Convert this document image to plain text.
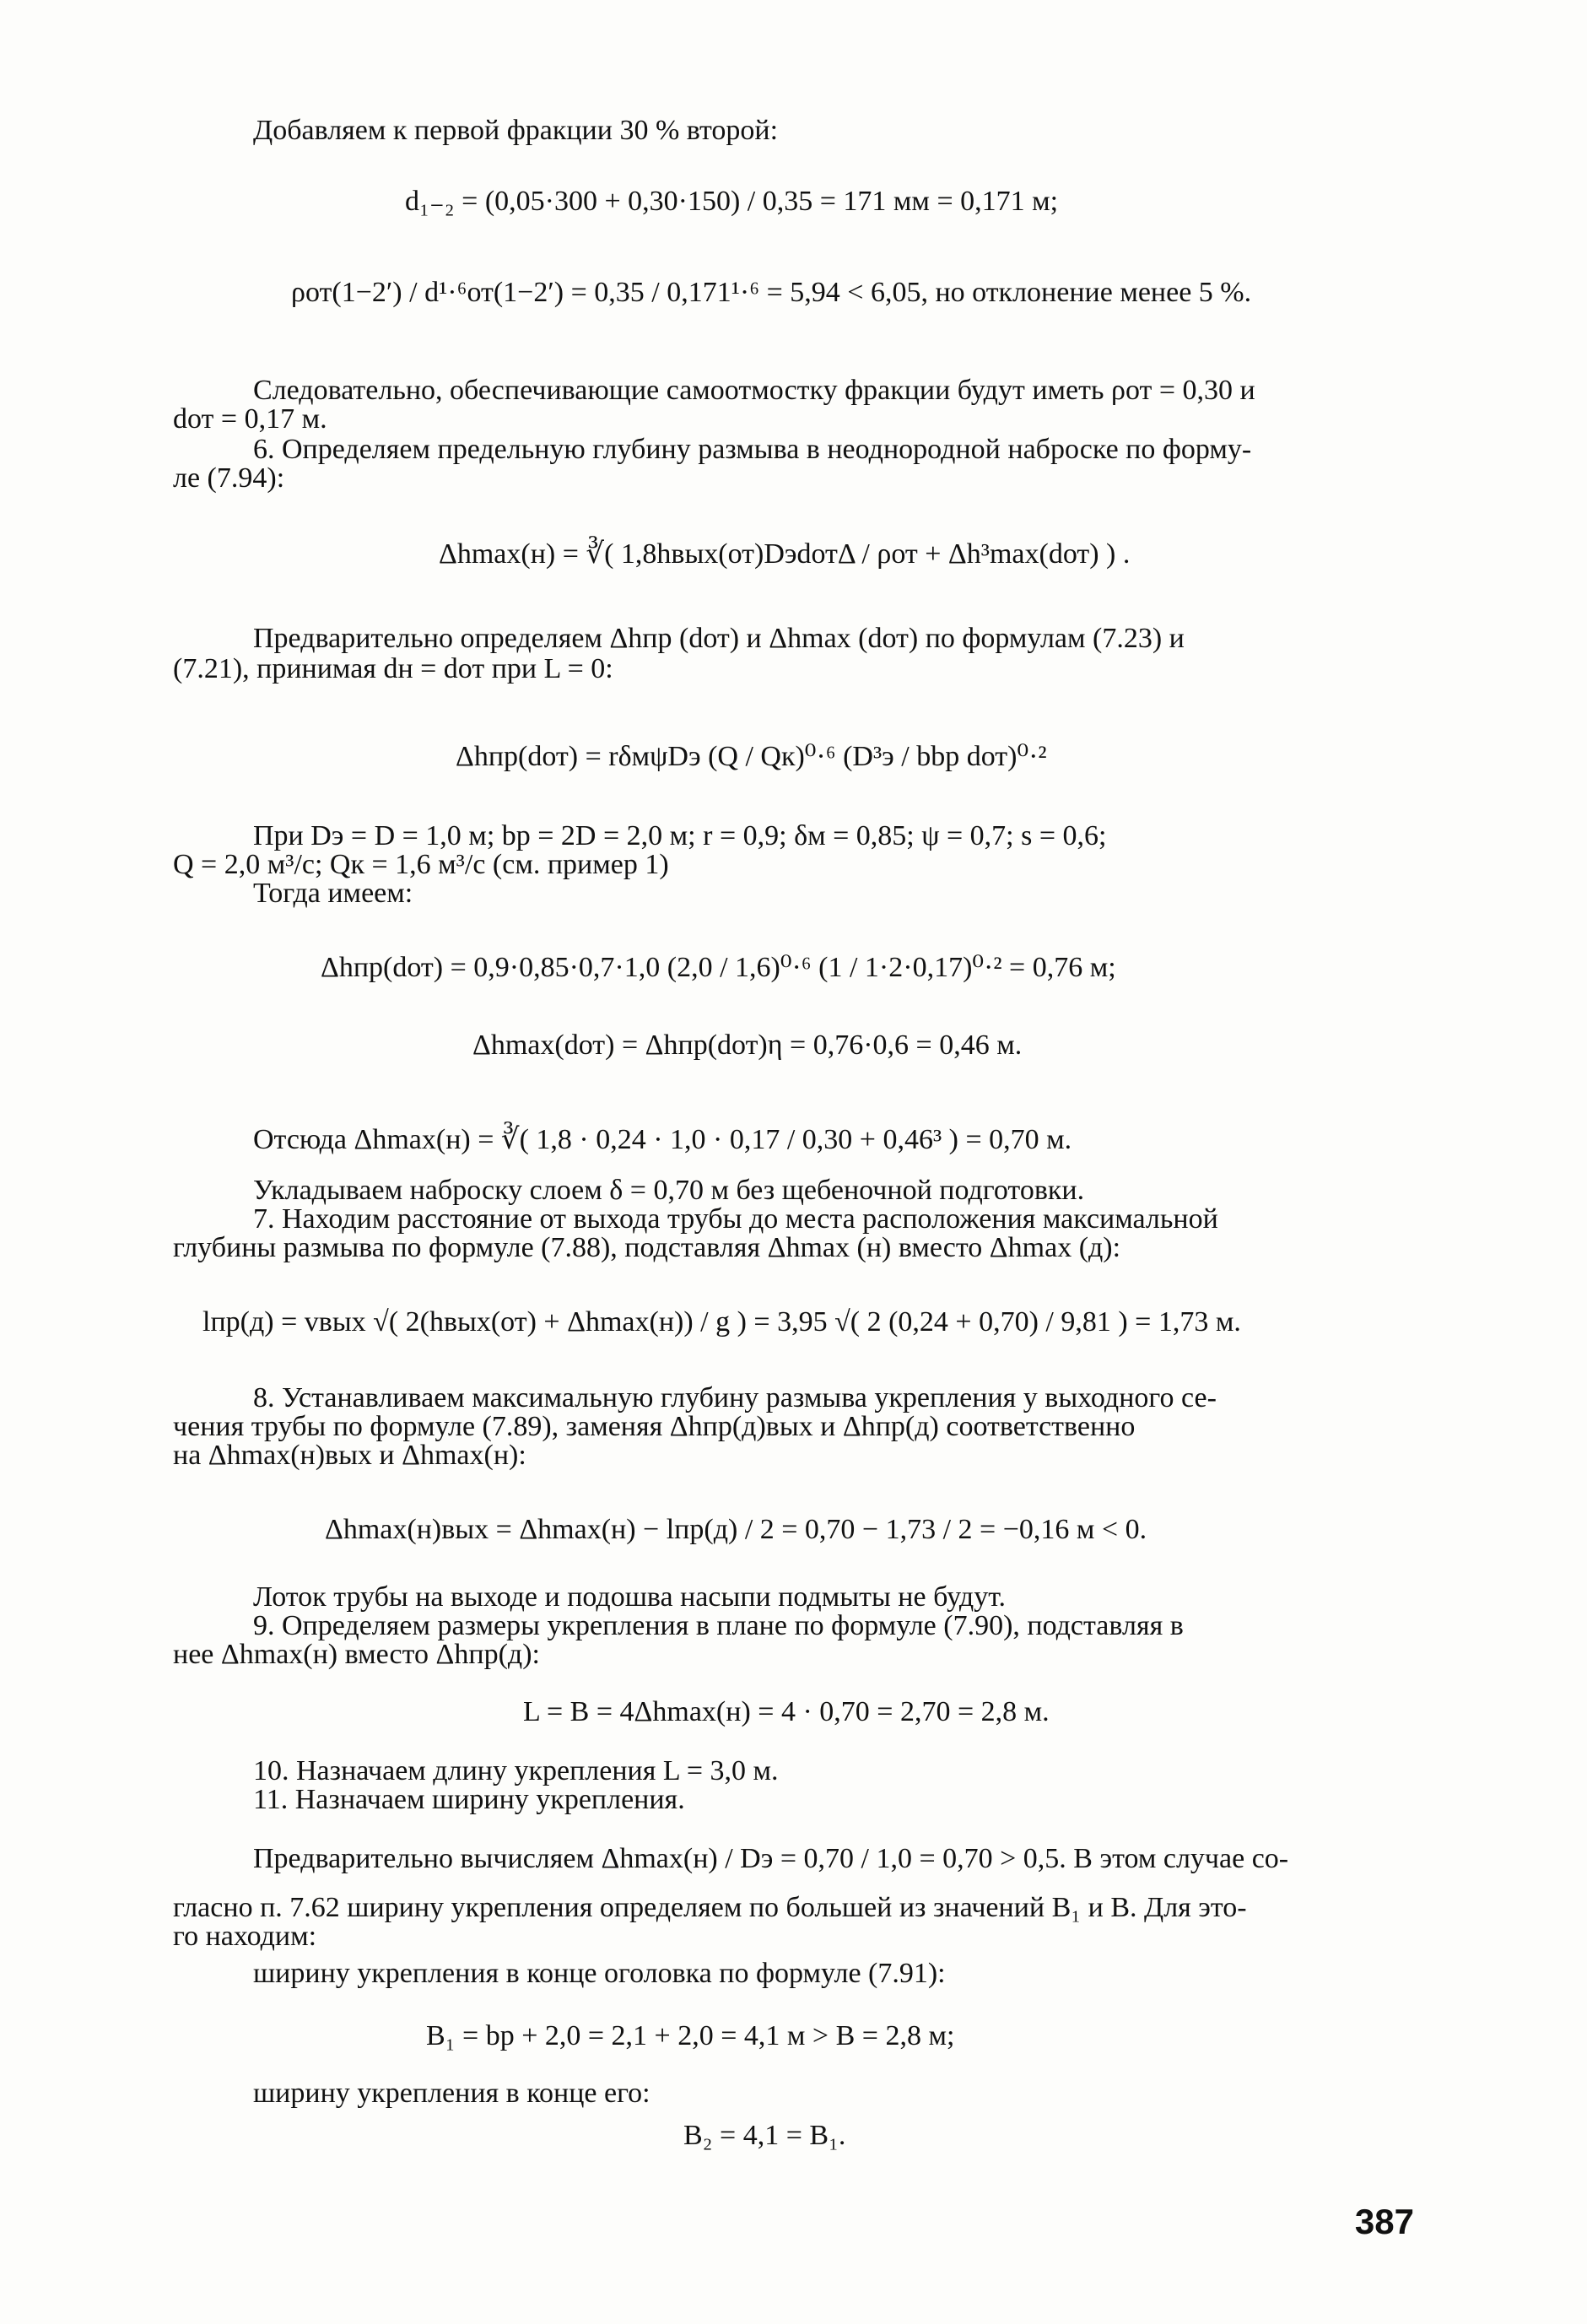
Добавляем к первой фракции 30 % второй:
d₁₋₂ = (0,05·300 + 0,30·150) / 0,35 = 171 мм = 0,171 м;
ρот(1−2′) / d¹·⁶от(1−2′) = 0,35 / 0,171¹·⁶ = 5,94 < 6,05, но отклонение менее 5 %.
Следовательно, обеспечивающие самоотмостку фракции будут иметь ρот = 0,30 и
dот = 0,17 м.
6. Определяем предельную глубину размыва в неоднородной наброске по форму-
ле (7.94):
Δhmax(н) = ∛( 1,8hвых(от)DэdотΔ / ρот + Δh³max(dот) ) .
Предварительно определяем Δhпр (dот) и Δhmax (dот) по формулам (7.23) и
(7.21), принимая dн = dот при L = 0:
Δhпр(dот) = rδмψDэ (Q / Qк)⁰·⁶ (D³э / bbр dот)⁰·²
При Dэ = D = 1,0 м; bр = 2D = 2,0 м; r = 0,9; δм = 0,85; ψ = 0,7; s = 0,6;
Q = 2,0 м³/с; Qк = 1,6 м³/с (см. пример 1)
Тогда имеем:
Δhпр(dот) = 0,9·0,85·0,7·1,0 (2,0 / 1,6)⁰·⁶ (1 / 1·2·0,17)⁰·² = 0,76 м;
Δhmax(dот) = Δhпр(dот)η = 0,76·0,6 = 0,46 м.
Отсюда Δhmax(н) = ∛( 1,8 · 0,24 · 1,0 · 0,17 / 0,30 + 0,46³ ) = 0,70 м.
Укладываем наброску слоем δ = 0,70 м без щебеночной подготовки.
7. Находим расстояние от выхода трубы до места расположения максимальной
глубины размыва по формуле (7.88), подставляя Δhmax (н) вместо Δhmax (д):
lпр(д) = vвых √( 2(hвых(от) + Δhmax(н)) / g ) = 3,95 √( 2 (0,24 + 0,70) / 9,81 ) = 1,73 м.
8. Устанавливаем максимальную глубину размыва укрепления у выходного се-
чения трубы по формуле (7.89), заменяя Δhпр(д)вых и Δhпр(д) соответственно
на Δhmax(н)вых и Δhmax(н):
Δhmax(н)вых = Δhmax(н) − lпр(д) / 2 = 0,70 − 1,73 / 2 = −0,16 м < 0.
Лоток трубы на выходе и подошва насыпи подмыты не будут.
9. Определяем размеры укрепления в плане по формуле (7.90), подставляя в
нее Δhmax(н) вместо Δhпр(д):
L = B = 4Δhmax(н) = 4 · 0,70 = 2,70 = 2,8 м.
10. Назначаем длину укрепления L = 3,0 м.
11. Назначаем ширину укрепления.
Предварительно вычисляем Δhmax(н) / Dэ = 0,70 / 1,0 = 0,70 > 0,5. В этом случае со-
гласно п. 7.62 ширину укрепления определяем по большей из значений B₁ и B. Для это-
го находим:
ширину укрепления в конце оголовка по формуле (7.91):
B₁ = bр + 2,0 = 2,1 + 2,0 = 4,1 м > B = 2,8 м;
ширину укрепления в конце его:
B₂ = 4,1 = B₁.
387
